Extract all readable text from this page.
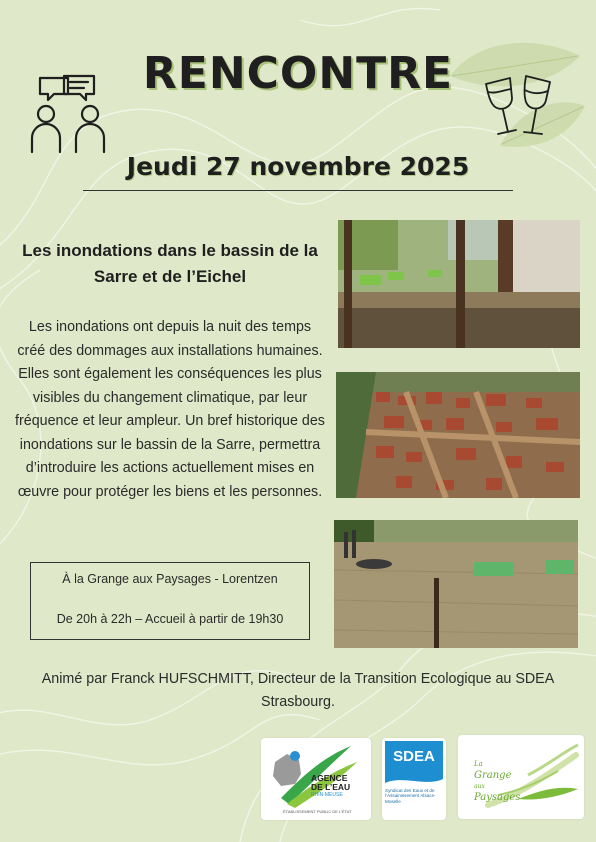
RENCONTRE
Jeudi 27 novembre 2025
Les inondations dans le bassin de la Sarre et de l’Eichel
Les inondations ont depuis la nuit des temps créé des dommages aux installations humaines. Elles sont également les conséquences les plus visibles du changement climatique, par leur fréquence et leur ampleur. Un bref historique des inondations sur le bassin de la Sarre, permettra d’introduire les actions actuellement mises en œuvre pour protéger les biens et les personnes.
À la Grange aux Paysages - Lorentzen
De 20h à 22h – Accueil à partir de 19h30
Animé par Franck HUFSCHMITT, Directeur de la Transition Ecologique au SDEA Strasbourg.
AGENCE
DE L’EAU
RHIN-MEUSE
ÉTABLISSEMENT PUBLIC DE L’ÉTAT
SDEA
Syndicat des Eaux et de l’Assainissement Alsace-Moselle
La
Grange
aux
Paysages
